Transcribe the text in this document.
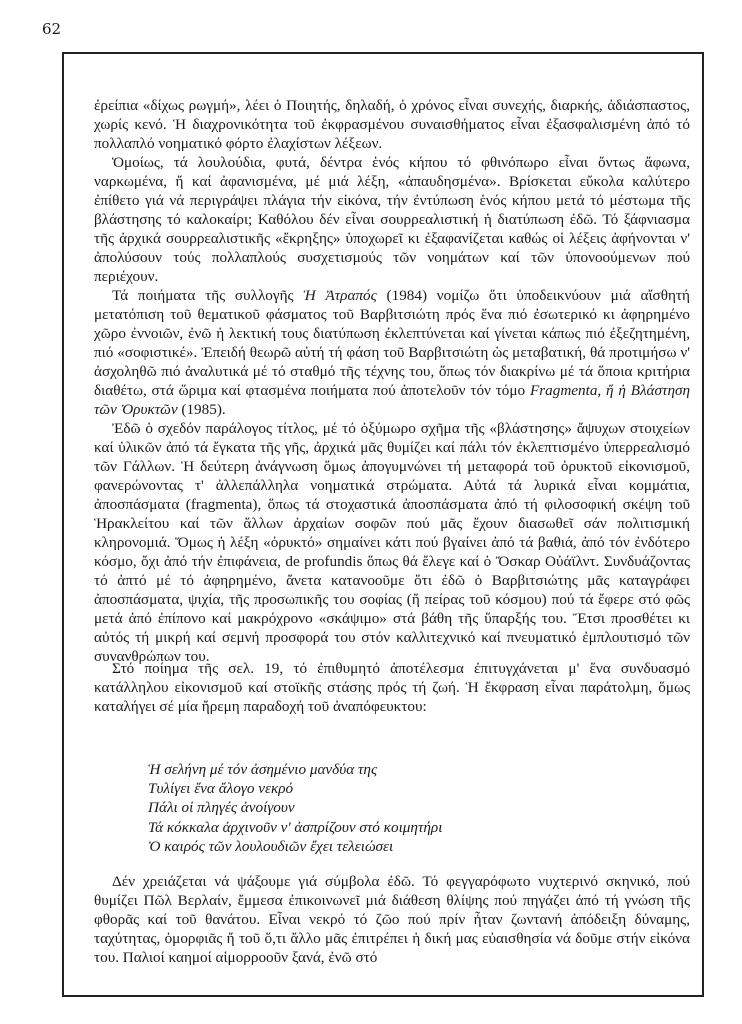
62

ἐρείπια «δίχως ρωγμή», λέει ὁ Ποιητής, δηλαδή, ὁ χρόνος εἶναι συνεχής, διαρκής, ἀδιάσπαστος, χωρίς κενό. Ἡ διαχρονικότητα τοῦ ἐκφρασμένου συναισθήματος εἶναι ἐξασφαλισμένη ἀπό τό πολλαπλό νοηματικό φόρτο ἐλαχίστων λέξεων.

Ὁμοίως, τά λουλούδια, φυτά, δέντρα ἑνός κήπου τό φθινόπωρο εἶναι ὄντως ἄφωνα, ναρκωμένα, ἤ καί ἀφανισμένα, μέ μιά λέξη, «ἀπαυδησμένα». Βρίσκεται εὔκολα καλύτερο ἐπίθετο γιά νά περιγράψει πλάγια τήν εἰκόνα, τήν ἐντύπωση ἑνός κήπου μετά τό μέστωμα τῆς βλάστησης τό καλοκαίρι; Καθόλου δέν εἶναι σουρρεαλιστική ἡ διατύπωση ἐδῶ. Τό ξάφνιασμα τῆς ἀρχικά σουρρεαλιστικῆς «ἔκρηξης» ὑποχωρεῖ κι ἐξαφανίζεται καθώς οἱ λέξεις ἀφήνονται ν' ἀπολύσουν τούς πολλαπλούς συσχετισμούς τῶν νοημάτων καί τῶν ὑπονοούμενων πού περιέχουν.

Τά ποιήματα τῆς συλλογῆς Ἡ Ἀτραπός (1984) νομίζω ὅτι ὑποδεικνύουν μιά αἴσθητή μετατόπιση τοῦ θεματικοῦ φάσματος τοῦ Βαρβιτσιώτη πρός ἕνα πιό ἐσωτερικό κι ἀφηρημένο χῶρο ἐννοιῶν, ἐνῶ ἡ λεκτική τους διατύπωση ἐκλεπτύνεται καί γίνεται κάπως πιό ἐξεζητημένη, πιό «σοφιστικέ». Ἐπειδή θεωρῶ αὐτή τή φάση τοῦ Βαρβιτσιώτη ὡς μεταβατική, θά προτιμήσω ν' ἀσχοληθῶ πιό ἀναλυτικά μέ τό σταθμό τῆς τέχνης του, ὅπως τόν διακρίνω μέ τά ὅποια κριτήρια διαθέτω, στά ὥριμα καί φτασμένα ποιήματα πού ἀποτελοῦν τόν τόμο Fragmenta, ἤ ἡ Βλάστηση τῶν Ὀρυκτῶν (1985).

Ἐδῶ ὁ σχεδόν παράλογος τίτλος, μέ τό ὀξύμωρο σχῆμα τῆς «βλάστησης» ἄψυχων στοιχείων καί ὑλικῶν ἀπό τά ἔγκατα τῆς γῆς, ἀρχικά μᾶς θυμίζει καί πάλι τόν ἐκλεπτισμένο ὑπερρεαλισμό τῶν Γάλλων. Ἡ δεύτερη ἀνάγνωση ὅμως ἀπογυμνώνει τή μεταφορά τοῦ ὀρυκτοῦ εἰκονισμοῦ, φανερώνοντας τ' ἀλλεπάλληλα νοηματικά στρώματα. Αὐτά τά λυρικά εἶναι κομμάτια, ἀποσπάσματα (fragmenta), ὅπως τά στοχαστικά ἀποσπάσματα ἀπό τή φιλοσοφική σκέψη τοῦ Ἡρακλείτου καί τῶν ἄλλων ἀρχαίων σοφῶν πού μᾶς ἔχουν διασωθεῖ σάν πολιτισμική κληρονομιά. Ὅμως ἡ λέξη «ὀρυκτό» σημαίνει κάτι πού βγαίνει ἀπό τά βαθιά, ἀπό τόν ἐνδότερο κόσμο, ὄχι ἀπό τήν ἐπιφάνεια, de profundis ὅπως θά ἔλεγε καί ὁ Ὄσκαρ Οὐάϊλντ. Συνδυάζοντας τό ἀπτό μέ τό ἀφηρημένο, ἄνετα κατανοοῦμε ὅτι ἐδῶ ὁ Βαρβιτσιώτης μᾶς καταγράφει ἀποσπάσματα, ψιχία, τῆς προσωπικῆς του σοφίας (ἤ πείρας τοῦ κόσμου) πού τά ἔφερε στό φῶς μετά ἀπό ἐπίπονο καί μακρόχρονο «σκάψιμο» στά βάθη τῆς ὕπαρξής του. Ἔτσι προσθέτει κι αὐτός τή μικρή καί σεμνή προσφορά του στόν καλλιτεχνικό καί πνευματικό ἐμπλουτισμό τῶν συνανθρώπων του.

Στό ποίημα τῆς σελ. 19, τό ἐπιθυμητό ἀποτέλεσμα ἐπιτυγχάνεται μ' ἕνα συνδυασμό κατάλληλου εἰκονισμοῦ καί στοϊκῆς στάσης πρός τή ζωή. Ἡ ἔκφραση εἶναι παράτολμη, ὅμως καταλήγει σέ μία ἤρεμη παραδοχή τοῦ ἀναπόφευκτου:

Ἡ σελήνη μέ τόν ἀσημένιο μανδύα της
Τυλίγει ἕνα ἄλογο νεκρό
Πάλι οἱ πληγές ἀνοίγουν
Τά κόκκαλα ἀρχινοῦν ν' ἀσπρίζουν στό κοιμητήρι
Ὁ καιρός τῶν λουλουδιῶν ἔχει τελειώσει

Δέν χρειάζεται νά ψάξουμε γιά σύμβολα ἐδῶ. Τό φεγγαρόφωτο νυχτερινό σκηνικό, πού θυμίζει Πῶλ Βερλαίν, ἔμμεσα ἐπικοινωνεῖ μιά διάθεση θλίψης πού πηγάζει ἀπό τή γνώση τῆς φθορᾶς καί τοῦ θανάτου. Εἶναι νεκρό τό ζῶο πού πρίν ἦταν ζωντανή ἀπόδειξη δύναμης, ταχύτητας, ὀμορφιᾶς ἤ τοῦ ὅ,τι ἄλλο μᾶς ἐπιτρέπει ἡ δική μας εὐαισθησία νά δοῦμε στήν εἰκόνα του. Παλιοί καημοί αἱμορροοῦν ξανά, ἐνῶ στό
